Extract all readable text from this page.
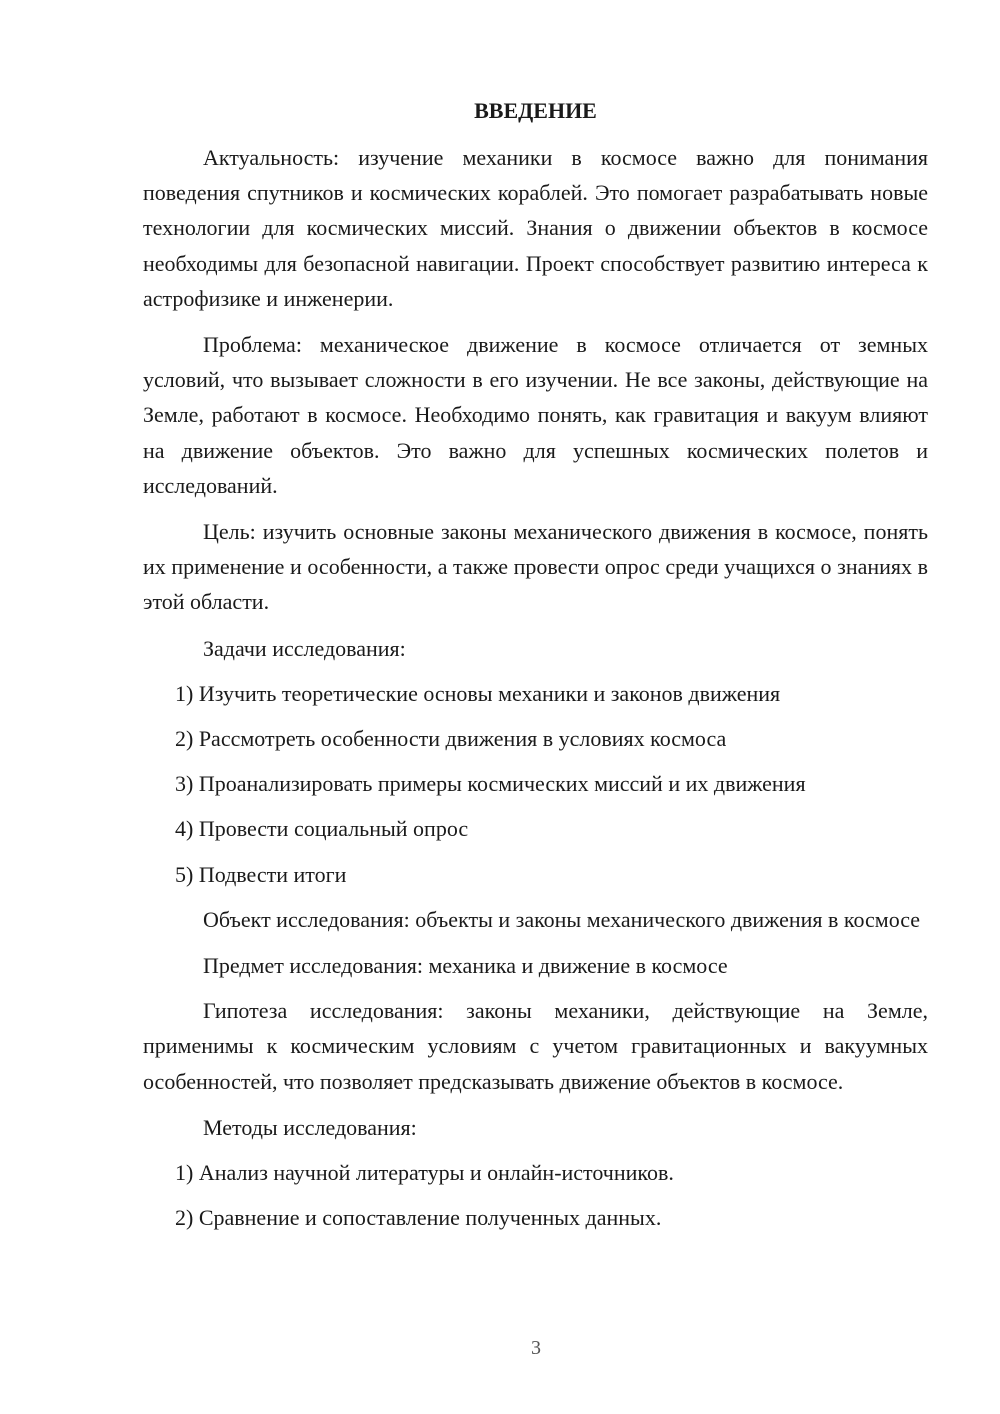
ВВЕДЕНИЕ

Актуальность: изучение механики в космосе важно для понимания поведения спутников и космических кораблей. Это помогает разрабатывать новые технологии для космических миссий. Знания о движении объектов в космосе необходимы для безопасной навигации. Проект способствует развитию интереса к астрофизике и инженерии.

Проблема: механическое движение в космосе отличается от земных условий, что вызывает сложности в его изучении. Не все законы, действующие на Земле, работают в космосе. Необходимо понять, как гравитация и вакуум влияют на движение объектов. Это важно для успешных космических полетов и исследований.

Цель: изучить основные законы механического движения в космосе, понять их применение и особенности, а также провести опрос среди учащихся о знаниях в этой области.

Задачи исследования:

1) Изучить теоретические основы механики и законов движения

2) Рассмотреть особенности движения в условиях космоса

3) Проанализировать примеры космических миссий и их движения

4) Провести социальный опрос

5) Подвести итоги

Объект исследования: объекты и законы механического движения в космосе

Предмет исследования: механика и движение в космосе

Гипотеза исследования: законы механики, действующие на Земле, применимы к космическим условиям с учетом гравитационных и вакуумных особенностей, что позволяет предсказывать движение объектов в космосе.

Методы исследования:

1) Анализ научной литературы и онлайн-источников.

2) Сравнение и сопоставление полученных данных.

3
